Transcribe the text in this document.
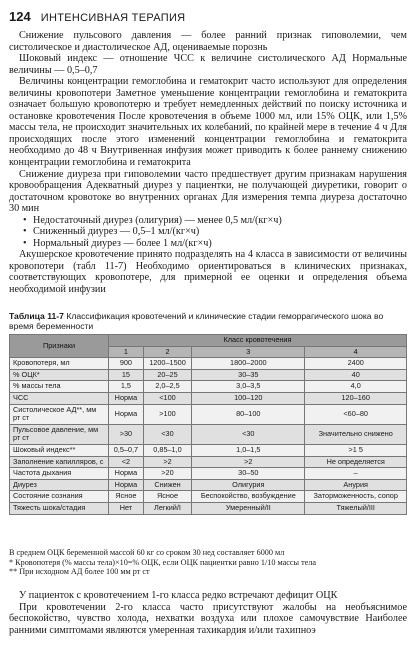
124 ИНТЕНСИВНАЯ ТЕРАПИЯ

Снижение пульсового давления — более ранний признак гиповолемии, чем систолическое и диастолическое АД, оцениваемые порознь

Шоковый индекс — отношение ЧСС к величине систолического АД Нормальные величины — 0,5–0,7

Величины концентрации гемоглобина и гематокрит часто используют для определения величины кровопотери Заметное уменьшение концентрации гемоглобина и гематокрита означает большую кровопотерю и требует немедленных действий по поиску источника и остановке кровотечения После кровотечения в объеме 1000 мл, или 15% ОЦК, или 1,5% массы тела, не происходит значительных их колебаний, по крайней мере в течение 4 ч Для происходящих после этого изменений концентрации гемоглобина и гематокрита необходимо до 48 ч Внутривенная инфузия может приводить к более раннему снижению концентрации гемоглобина и гематокрита

Снижение диуреза при гиповолемии часто предшествует другим признакам нарушения кровообращения Адекватный диурез у пациентки, не получающей диуретики, говорит о достаточном кровотоке во внутренних органах Для измерения темпа диуреза достаточно 30 мин

• Недостаточный диурез (олигурия) — менее 0,5 мл/(кг×ч)
• Сниженный диурез — 0,5–1 мл/(кг×ч)
• Нормальный диурез — более 1 мл/(кг×ч)

Акушерское кровотечение принято подразделять на 4 класса в зависимости от величины кровопотери (табл 11-7) Необходимо ориентироваться в клинических признаках, соответствующих кровопотере, для примерной ее оценки и определения объема необходимой инфузии

Таблица 11-7 Классификация кровотечений и клинические стадии геморрагического шока во время беременности
Признаки	Класс кровотечения			
	1	2	3	4
Кровопотеря, мл	900	1200–1500	1800–2000	2400
% ОЦК*	15	20–25	30–35	40
% массы тела	1,5	2,0–2,5	3,0–3,5	4,0
ЧСС	Норма	<100	100–120	120–160
Систолическое АД**, мм рт ст	Норма	>100	80–100	<60–80
Пульсовое давление, мм рт ст	>30	<30	<30	Значительно снижено
Шоковый индекс**	0,5–0,7	0,85–1,0	1,0–1,5	>1 5
Заполнение капилляров, с	<2	>2	>2	Не определяется
Частота дыхания	Норма	>20	30–50	–
Диурез	Норма	Снижен	Олигурия	Анурия
Состояние сознания	Ясное	Ясное	Беспокойство, возбуждение	Заторможенность, сопор
Тяжесть шока/стадия	Нет	Легкий/I	Умеренный/II	Тяжелый/III
В среднем ОЦК беременной массой 60 кг со сроком 30 нед составляет 6000 мл
* Кровопотеря (% массы тела)×10=% ОЦК, если ОЦК пациентки равно 1/10 массы тела
** При исходном АД более 100 мм рт ст

У пациенток с кровотечением 1-го класса редко встречают дефицит ОЦК

При кровотечении 2-го класса часто присутствуют жалобы на необъяснимое беспокойство, чувство холода, нехватки воздуха или плохое самочувствие Наиболее ранними симптомами являются умеренная тахикардия и/или тахипноэ
